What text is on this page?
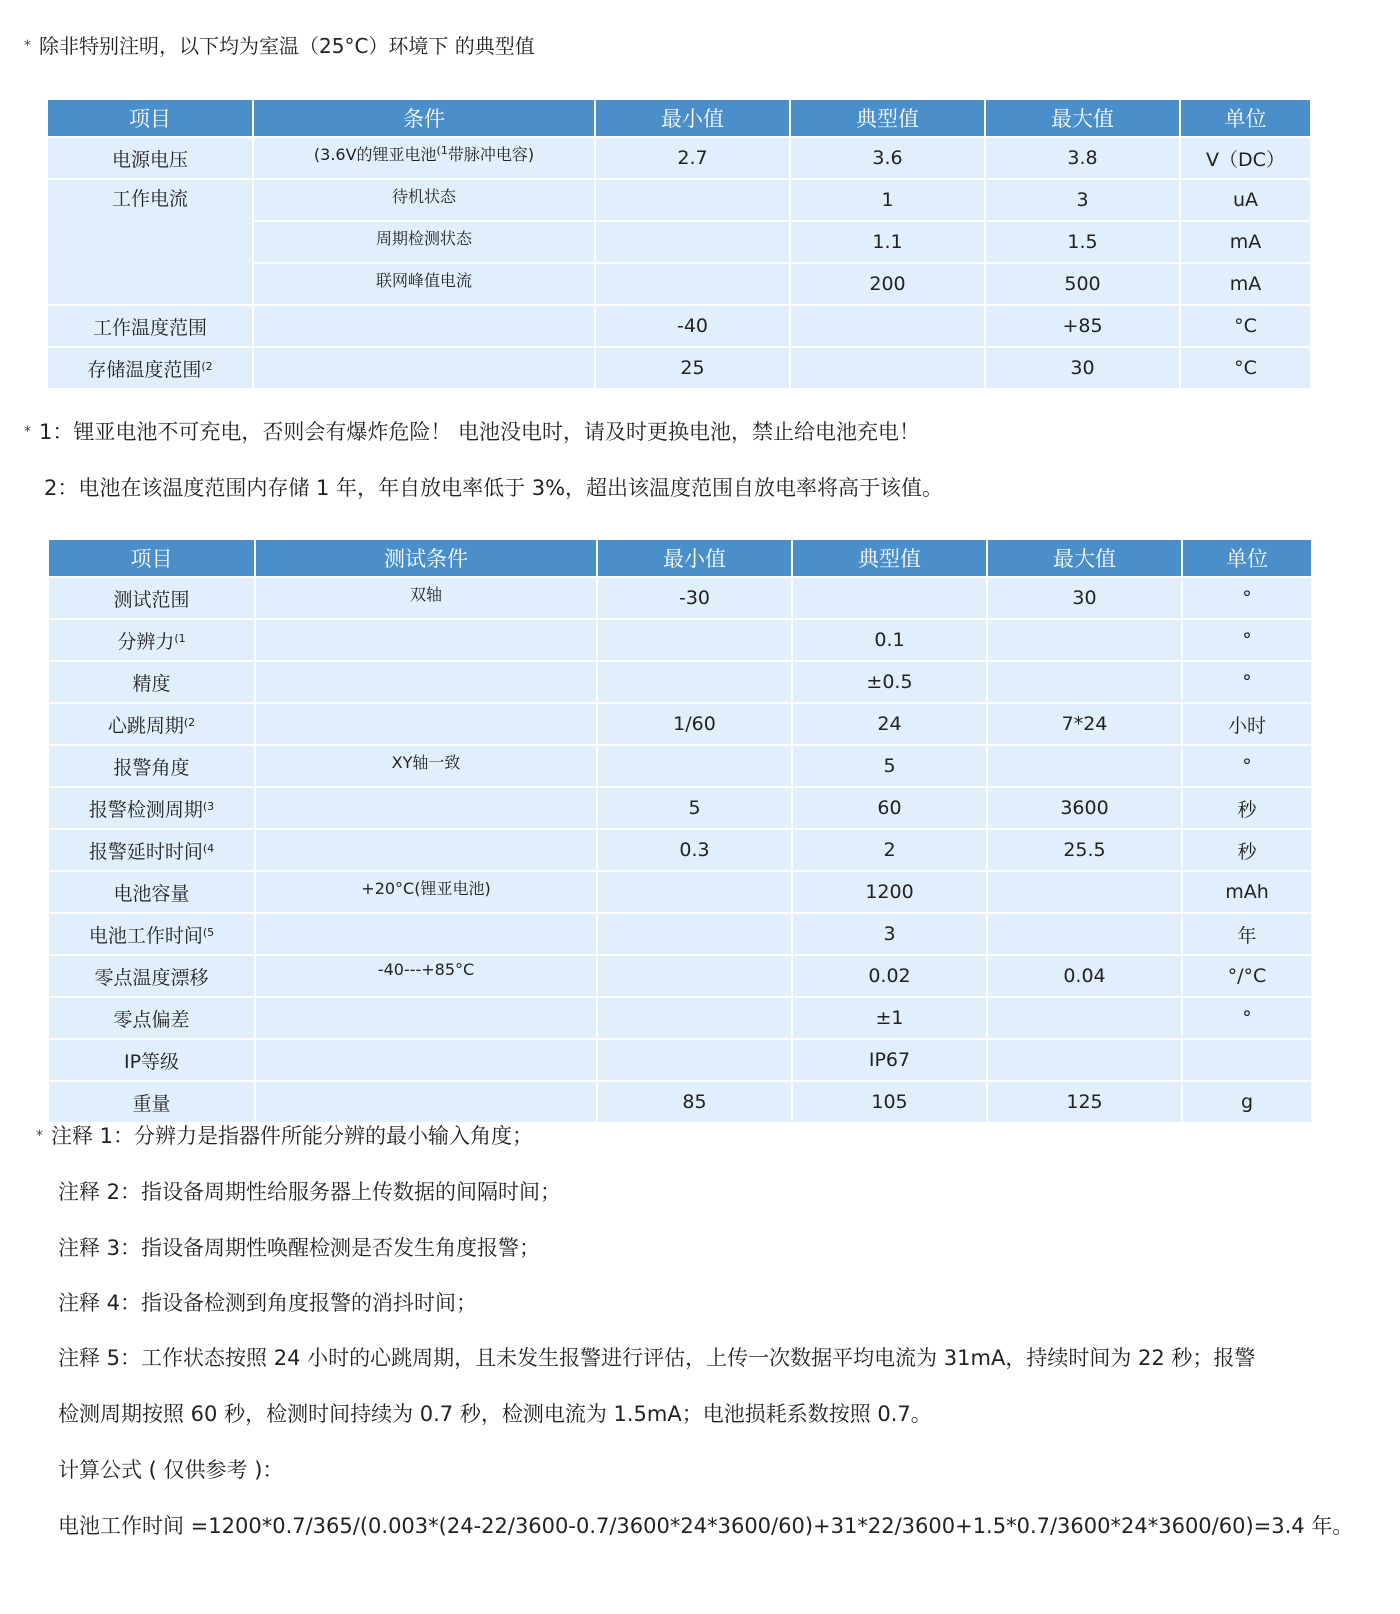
* 除非特别注明，以下均为室温（25°C）环境下 的典型值
项目	条件	最小值	典型值	最大值	单位
电源电压	(3.6V的锂亚电池$^{(1}$带脉冲电容)	2.7	3.6	3.8	V（DC）
工作电流	待机状态		1	3	uA
	周期检测状态		1.1	1.5	mA
	联网峰值电流		200	500	mA
工作温度范围		-40		+85	°C
存储温度范围$^{(2}$		25		30	°C
* 1：锂亚电池不可充电，否则会有爆炸危险！ 电池没电时，请及时更换电池，禁止给电池充电！
2：电池在该温度范围内存储 1 年，年自放电率低于 3%，超出该温度范围自放电率将高于该值。
项目	测试条件	最小值	典型值	最大值	单位
测试范围	双轴	-30		30	°
分辨力$^{(1}$			0.1		°
精度			±0.5		°
心跳周期$^{(2}$		1/60	24	7*24	小时
报警角度	XY轴一致		5		°
报警检测周期$^{(3}$		5	60	3600	秒
报警延时时间$^{(4}$		0.3	2	25.5	秒
电池容量	+20°C(锂亚电池)		1200		mAh
电池工作时间$^{(5}$			3		年
零点温度漂移	-40---+85°C		0.02	0.04	°/°C
零点偏差			±1		°
IP等级			IP67		
重量		85	105	125	g
* 注释 1：分辨力是指器件所能分辨的最小输入角度；
注释 2：指设备周期性给服务器上传数据的间隔时间；
注释 3：指设备周期性唤醒检测是否发生角度报警；
注释 4：指设备检测到角度报警的消抖时间；
注释 5：工作状态按照 24 小时的心跳周期，且未发生报警进行评估，上传一次数据平均电流为 31mA，持续时间为 22 秒；报警
检测周期按照 60 秒，检测时间持续为 0.7 秒，检测电流为 1.5mA；电池损耗系数按照 0.7。
计算公式 ( 仅供参考 )：
电池工作时间 =1200*0.7/365/(0.003*(24-22/3600-0.7/3600*24*3600/60)+31*22/3600+1.5*0.7/3600*24*3600/60)=3.4 年。
